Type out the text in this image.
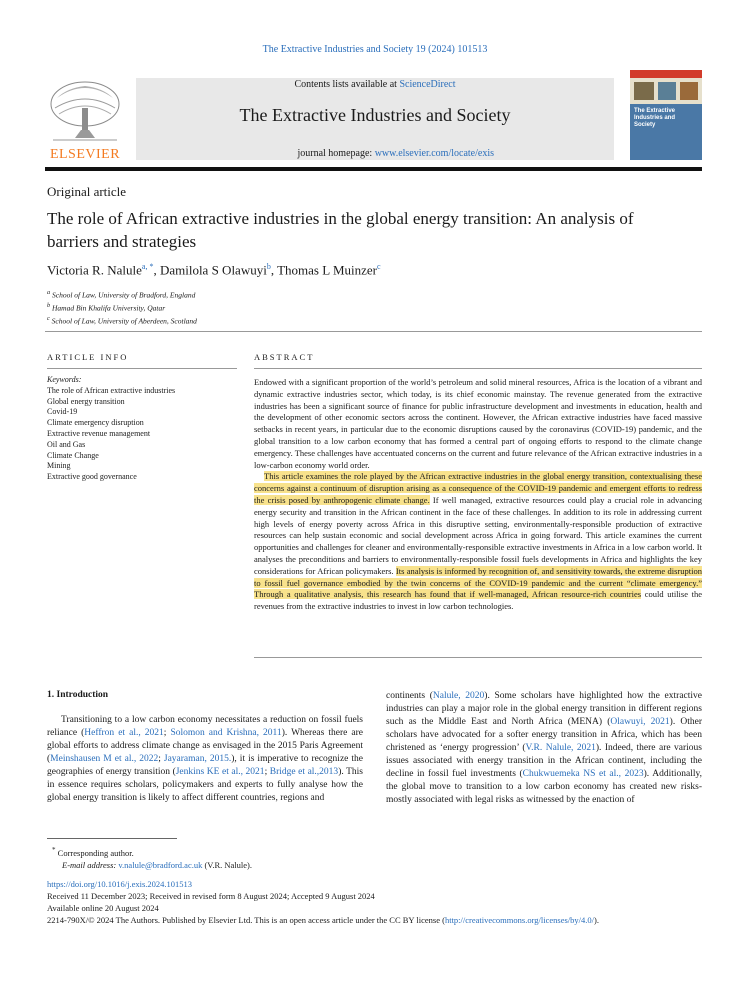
The Extractive Industries and Society 19 (2024) 101513
Contents lists available at ScienceDirect
The Extractive Industries and Society
journal homepage: www.elsevier.com/locate/exis
ELSEVIER
The Extractive Industries and Society
Original article
The role of African extractive industries in the global energy transition: An analysis of barriers and strategies
Victoria R. Nalule$^{a, *}$, Damilola S Olawuyi$^b$, Thomas L Muinzer$^c$
$^a$ School of Law, University of Bradford, England
$^b$ Hamad Bin Khalifa University, Qatar
$^c$ School of Law, University of Aberdeen, Scotland
ARTICLE INFO	ABSTRACT
Keywords:
The role of African extractive industries
Global energy transition
Covid-19
Climate emergency disruption
Extractive revenue management
Oil and Gas
Climate Change
Mining
Extractive good governance

Endowed with a significant proportion of the world’s petroleum and solid mineral resources, Africa is the location of a vibrant and dynamic extractive industries sector, which today, is its chief economic mainstay. The revenue generated from the extractive industries has been a significant source of finance for public infrastructure development and investments in education, health and the development of other economic sectors across the continent. However, the African extractive industries have faced massive setbacks in recent years, in particular due to the economic disruptions caused by the coronavirus (COVID-19) pandemic, and the global transition to a low carbon economy that has formed a central part of ongoing efforts to respond to the climate change emergency. These challenges have accentuated concerns on the current and future relevance of the African extractive industries in a low-carbon economy world order.

This article examines the role played by the African extractive industries in the global energy transition, contextualising these concerns against a continuum of disruption arising as a consequence of the COVID-19 pandemic and emergent efforts to redress the crisis posed by anthropogenic climate change. If well managed, extractive resources could play a crucial role in advancing energy security and transition in the African continent in the face of these challenges. In addition to its role in addressing current high levels of energy poverty across Africa in this disruptive setting, environmentally-responsible production of extractive resources can help sustain economic and social development across Africa in going forward. This article examines the current opportunities and challenges for cleaner and environmentally-responsible extractive investments in Africa in a low carbon world. It analyses the preconditions and barriers to environmentally-responsible fossil fuels developments in Africa and highlights the key considerations for African policymakers. Its analysis is informed by recognition of, and sensitivity towards, the extreme disruption to fossil fuel governance embodied by the twin concerns of the COVID-19 pandemic and the current “climate emergency.” Through a qualitative analysis, this research has found that if well-managed, African resource-rich countries could utilise the revenues from the extractive industries to invest in low carbon technologies.

1. Introduction

Transitioning to a low carbon economy necessitates a reduction on fossil fuels reliance (Heffron et al., 2021; Solomon and Krishna, 2011). Whereas there are global efforts to address climate change as envisaged in the 2015 Paris Agreement (Meinshausen M et al., 2022; Jayaraman, 2015.), it is imperative to recognize the geographies of energy transition (Jenkins KE et al., 2021; Bridge et al.,2013). This in essence requires scholars, policymakers and experts to fully analyse how the global energy transition is likely to affect different countries, regions and

continents (Nalule, 2020). Some scholars have highlighted how the extractive industries can play a major role in the global energy transition in different regions such as the Middle East and North Africa (MENA) (Olawuyi, 2021). Other scholars have advocated for a softer energy transition in Africa, which has been christened as ‘energy progression’ (V.R. Nalule, 2021). Indeed, there are various issues associated with energy transition in the African continent, including the decline in fossil fuel investments (Chukwuemeka NS et al., 2023). Additionally, the global move to transition to a low carbon economy has created new risks-mostly associated with legal risks as witnessed by the enaction of

* Corresponding author.
E-mail address: v.nalule@bradford.ac.uk (V.R. Nalule).
https://doi.org/10.1016/j.exis.2024.101513
Received 11 December 2023; Received in revised form 8 August 2024; Accepted 9 August 2024
Available online 20 August 2024
2214-790X/© 2024 The Authors. Published by Elsevier Ltd. This is an open access article under the CC BY license (http://creativecommons.org/licenses/by/4.0/).
